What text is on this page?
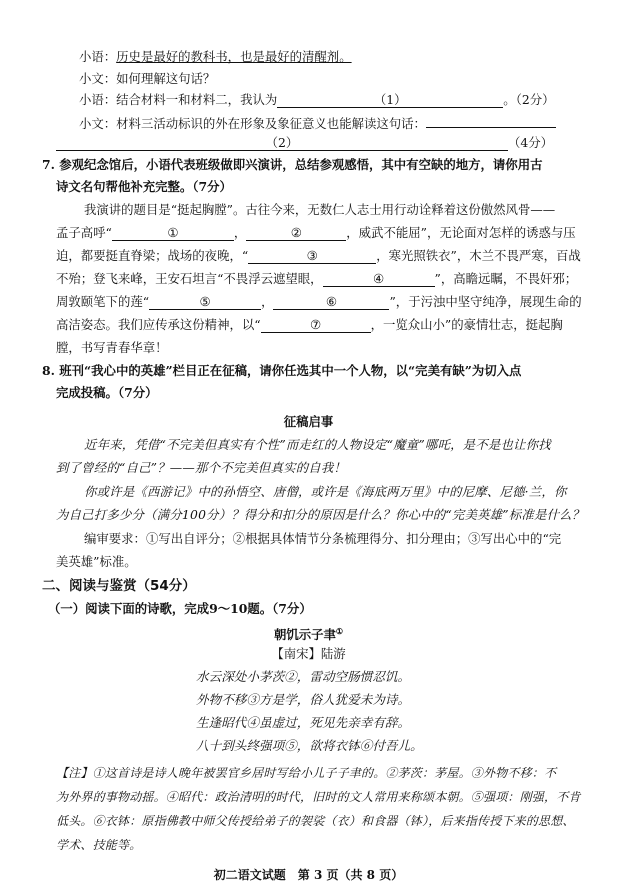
小语：历史是最好的教科书，也是最好的清醒剂。
小文：如何理解这句话？
小语：结合材料一和材料二，我认为	（1）	。（2分）
小文：材料三活动标识的外在形象及象征意义也能解读这句话：
（2）	（4分）
7. 参观纪念馆后，小语代表班级做即兴演讲，总结参观感悟，其中有空缺的地方，请你用古
诗文名句帮他补充完整。（7分）
我演讲的题目是“挺起胸膛”。古往今来，无数仁人志士用行动诠释着这份傲然风骨——
孟子高呼“	①	，	②	，威武不能屈”，无论面对怎样的诱惑与压
迫，都要挺直脊梁；战场的夜晚，“	③	，寒光照铁衣”，木兰不畏严寒，百战
不殆；登飞来峰，王安石坦言“不畏浮云遮望眼，	④	”，高瞻远瞩，不畏奸邪；
周敦颐笔下的莲“	⑤	，	⑥	”，于污浊中坚守纯净，展现生命的
高洁姿态。我们应传承这份精神，以“	⑦	，一览众山小”的豪情壮志，挺起胸
膛，书写青春华章！
8. 班刊“我心中的英雄”栏目正在征稿，请你任选其中一个人物，以“完美有缺”为切入点
完成投稿。（7分）
征稿启事
近年来，凭借“不完美但真实有个性”而走红的人物设定“魔童”哪吒，是不是也让你找
到了曾经的“自己”？——那个不完美但真实的自我！
你或许是《西游记》中的孙悟空、唐僧，或许是《海底两万里》中的尼摩、尼德·兰，你
为自己打多少分（满分100分）？得分和扣分的原因是什么？你心中的“完美英雄”标准是什么？
编审要求：①写出自评分；②根据具体情节分条梳理得分、扣分理由；③写出心中的“完
美英雄”标准。
二、阅读与鉴赏（54分）
（一）阅读下面的诗歌，完成9～10题。（7分）
朝饥示子聿①
【南宋】陆游
水云深处小茅茨②，雷动空肠惯忍饥。
外物不移③方是学，俗人犹爱未为诗。
生逢昭代④虽虚过，死见先亲幸有辞。
八十到头终强项⑤，欲将衣钵⑥付吾儿。
【注】①这首诗是诗人晚年被罢官乡居时写给小儿子子聿的。②茅茨：茅屋。③外物不移：不
为外界的事物动摇。④昭代：政治清明的时代，旧时的文人常用来称颂本朝。⑤强项：刚强，不肯
低头。⑥衣钵：原指佛教中师父传授给弟子的袈裟（衣）和食器（钵），后来指传授下来的思想、
学术、技能等。
初二语文试题　第 3 页（共 8 页）
